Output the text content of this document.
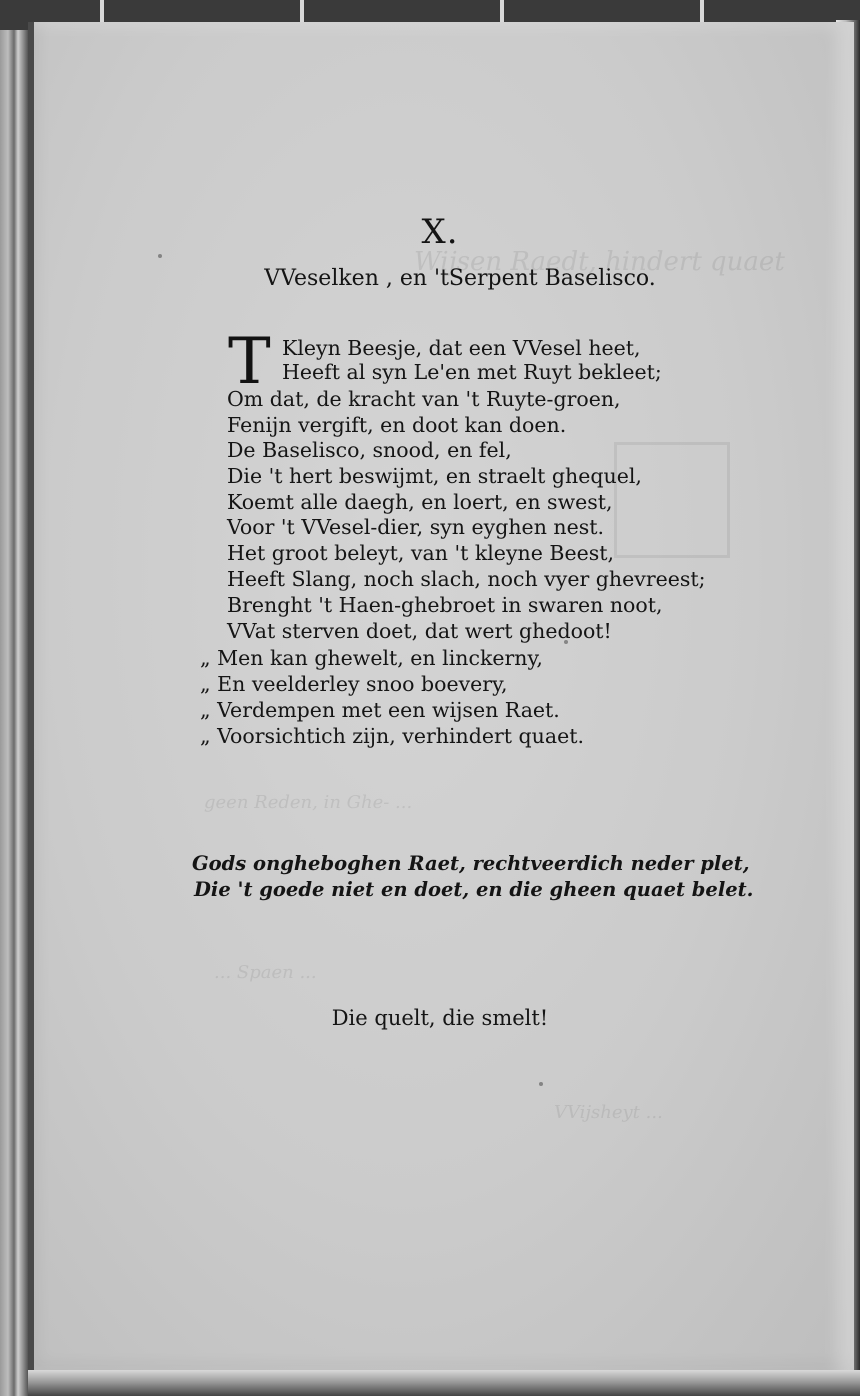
Wijsen Raedt, hindert quaet
geen Reden, in Ghe- ...
... Spaen ...
VVijsheyt ...
X.
VVeselken , en 'tSerpent Baselisco.
T Kleyn Beesje, dat een VVesel heet,
Heeft al syn Le'en met Ruyt bekleet;
Om dat, de kracht van 't Ruyte-groen,
Fenijn vergift, en doot kan doen.
De Baselisco, snood, en fel,
Die 't hert beswijmt, en straelt ghequel,
Koemt alle daegh, en loert, en swest,
Voor 't VVesel-dier, syn eyghen nest.
Het groot beleyt, van 't kleyne Beest,
Heeft Slang, noch slach, noch vyer ghevreest;
Brenght 't Haen-ghebroet in swaren noot,
VVat sterven doet, dat wert ghedoot!
„ Men kan ghewelt, en linckerny,
„ En veelderley snoo boevery,
„ Verdempen met een wijsen Raet.
„ Voorsichtich zijn, verhindert quaet.
Gods ongheboghen Raet, rechtveerdich neder plet,
Die 't goede niet en doet, en die gheen quaet belet.
Die quelt, die smelt!
